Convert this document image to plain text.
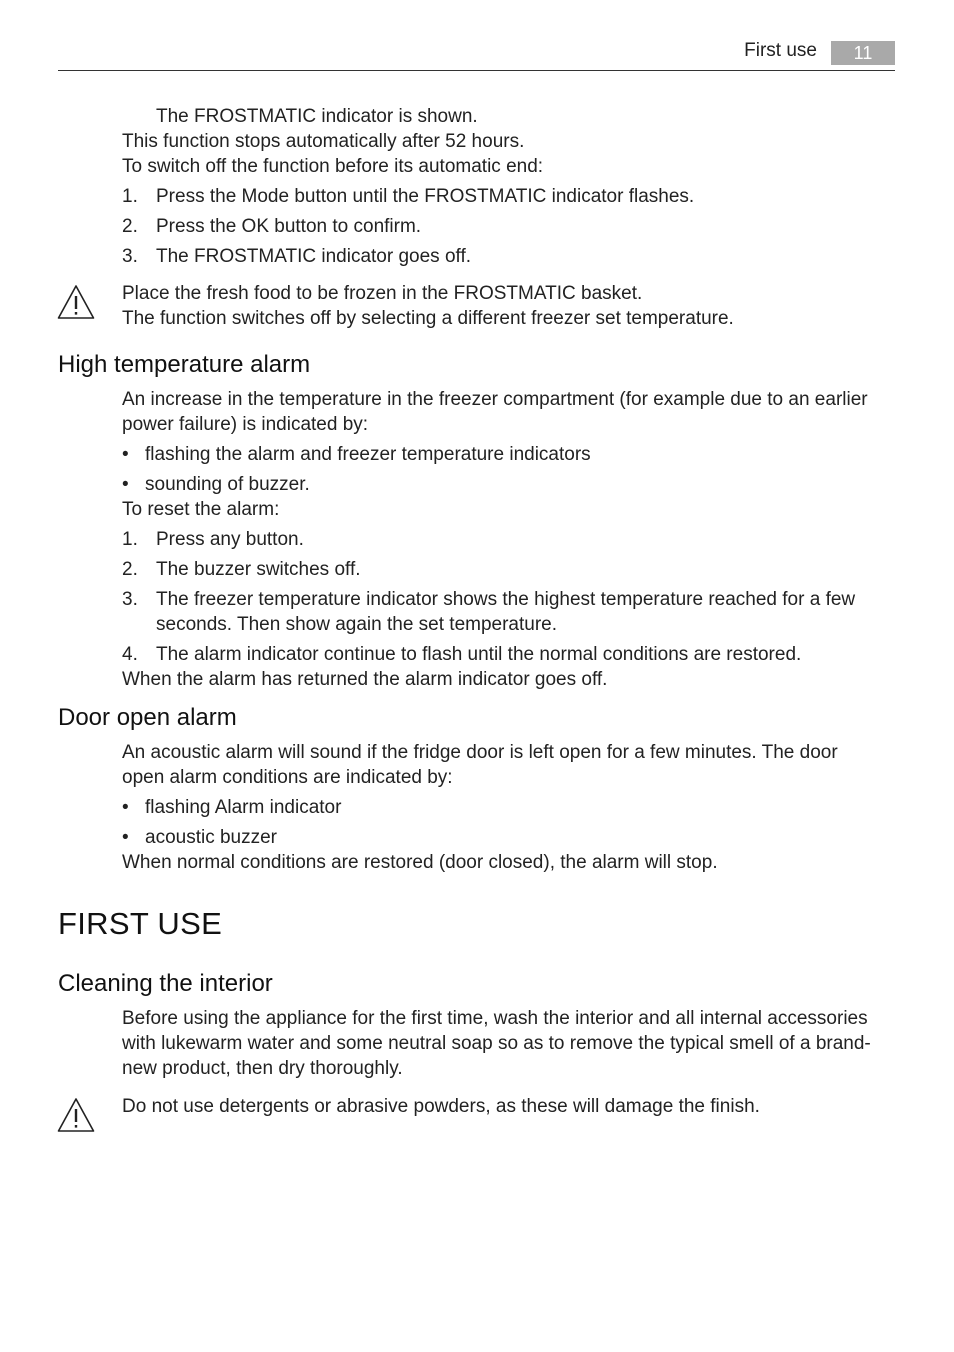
First use	11
The FROSTMATIC indicator is shown.
This function stops automatically after 52 hours.
To switch off the function before its automatic end:
1. Press the Mode button until the FROSTMATIC indicator flashes.
2. Press the OK button to confirm.
3. The FROSTMATIC indicator goes off.
Place the fresh food to be frozen in the FROSTMATIC basket.
The function switches off by selecting a different freezer set temperature.
High temperature alarm
An increase in the temperature in the freezer compartment (for example due to an earlier
power failure) is indicated by:
• flashing the alarm and freezer temperature indicators
• sounding of buzzer.
To reset the alarm:
1. Press any button.
2. The buzzer switches off.
3. The freezer temperature indicator shows the highest temperature reached for a few
seconds. Then show again the set temperature.
4. The alarm indicator continue to flash until the normal conditions are restored.
When the alarm has returned the alarm indicator goes off.
Door open alarm
An acoustic alarm will sound if the fridge door is left open for a few minutes. The door
open alarm conditions are indicated by:
• flashing Alarm indicator
• acoustic buzzer
When normal conditions are restored (door closed), the alarm will stop.
FIRST USE
Cleaning the interior
Before using the appliance for the first time, wash the interior and all internal accessories
with lukewarm water and some neutral soap so as to remove the typical smell of a brand-
new product, then dry thoroughly.
Do not use detergents or abrasive powders, as these will damage the finish.
